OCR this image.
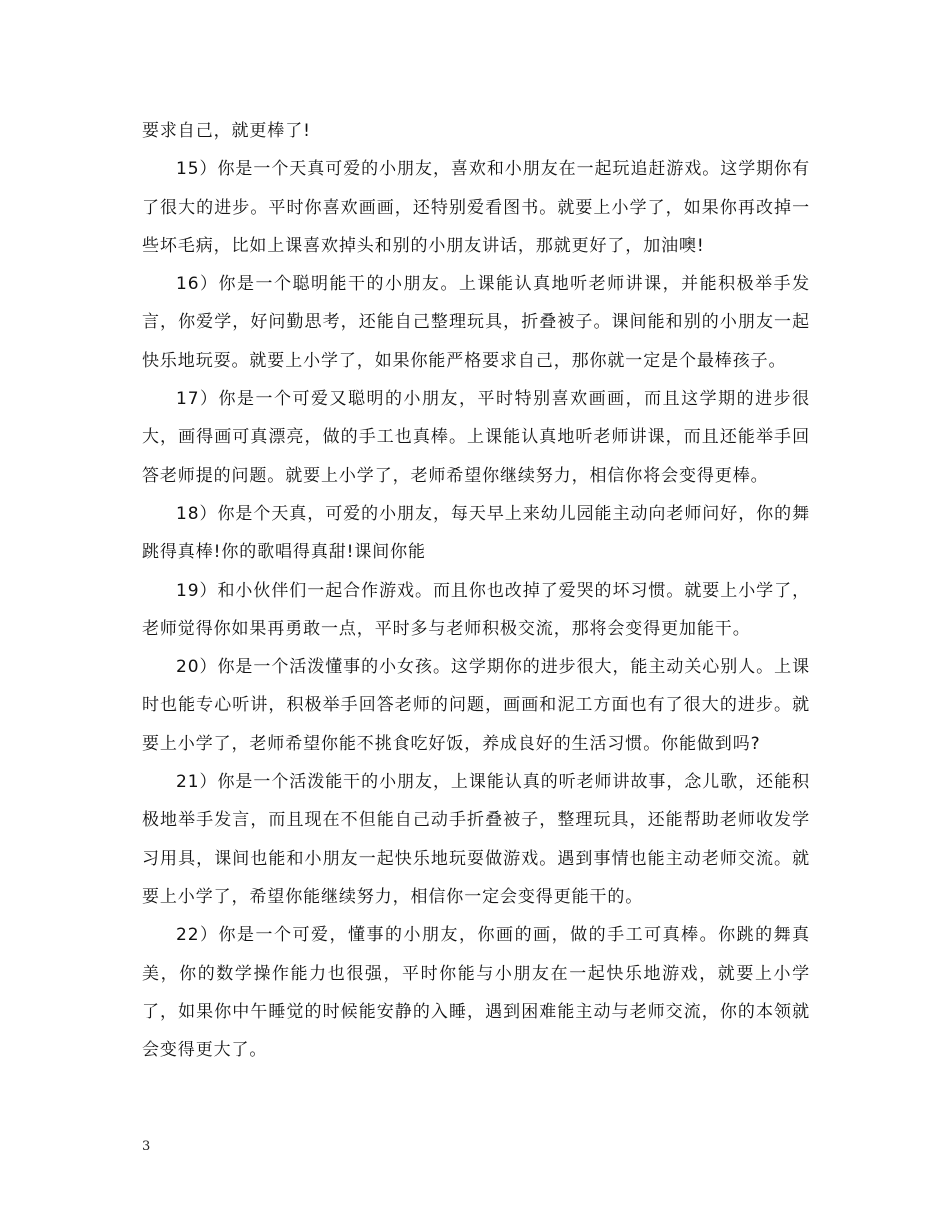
要求自己，就更棒了!

15）你是一个天真可爱的小朋友，喜欢和小朋友在一起玩追赶游戏。这学期你有了很大的进步。平时你喜欢画画，还特别爱看图书。就要上小学了，如果你再改掉一些坏毛病，比如上课喜欢掉头和别的小朋友讲话，那就更好了，加油噢!

16）你是一个聪明能干的小朋友。上课能认真地听老师讲课，并能积极举手发言，你爱学，好问勤思考，还能自己整理玩具，折叠被子。课间能和别的小朋友一起快乐地玩耍。就要上小学了，如果你能严格要求自己，那你就一定是个最棒孩子。

17）你是一个可爱又聪明的小朋友，平时特别喜欢画画，而且这学期的进步很大，画得画可真漂亮，做的手工也真棒。上课能认真地听老师讲课，而且还能举手回答老师提的问题。就要上小学了，老师希望你继续努力，相信你将会变得更棒。

18）你是个天真，可爱的小朋友，每天早上来幼儿园能主动向老师问好，你的舞跳得真棒!你的歌唱得真甜!课间你能

19）和小伙伴们一起合作游戏。而且你也改掉了爱哭的坏习惯。就要上小学了，老师觉得你如果再勇敢一点，平时多与老师积极交流，那将会变得更加能干。

20）你是一个活泼懂事的小女孩。这学期你的进步很大，能主动关心别人。上课时也能专心听讲，积极举手回答老师的问题，画画和泥工方面也有了很大的进步。就要上小学了，老师希望你能不挑食吃好饭，养成良好的生活习惯。你能做到吗?

21）你是一个活泼能干的小朋友，上课能认真的听老师讲故事，念儿歌，还能积极地举手发言，而且现在不但能自己动手折叠被子，整理玩具，还能帮助老师收发学习用具，课间也能和小朋友一起快乐地玩耍做游戏。遇到事情也能主动老师交流。就要上小学了，希望你能继续努力，相信你一定会变得更能干的。

22）你是一个可爱，懂事的小朋友，你画的画，做的手工可真棒。你跳的舞真美，你的数学操作能力也很强，平时你能与小朋友在一起快乐地游戏，就要上小学了，如果你中午睡觉的时候能安静的入睡，遇到困难能主动与老师交流，你的本领就会变得更大了。

3
